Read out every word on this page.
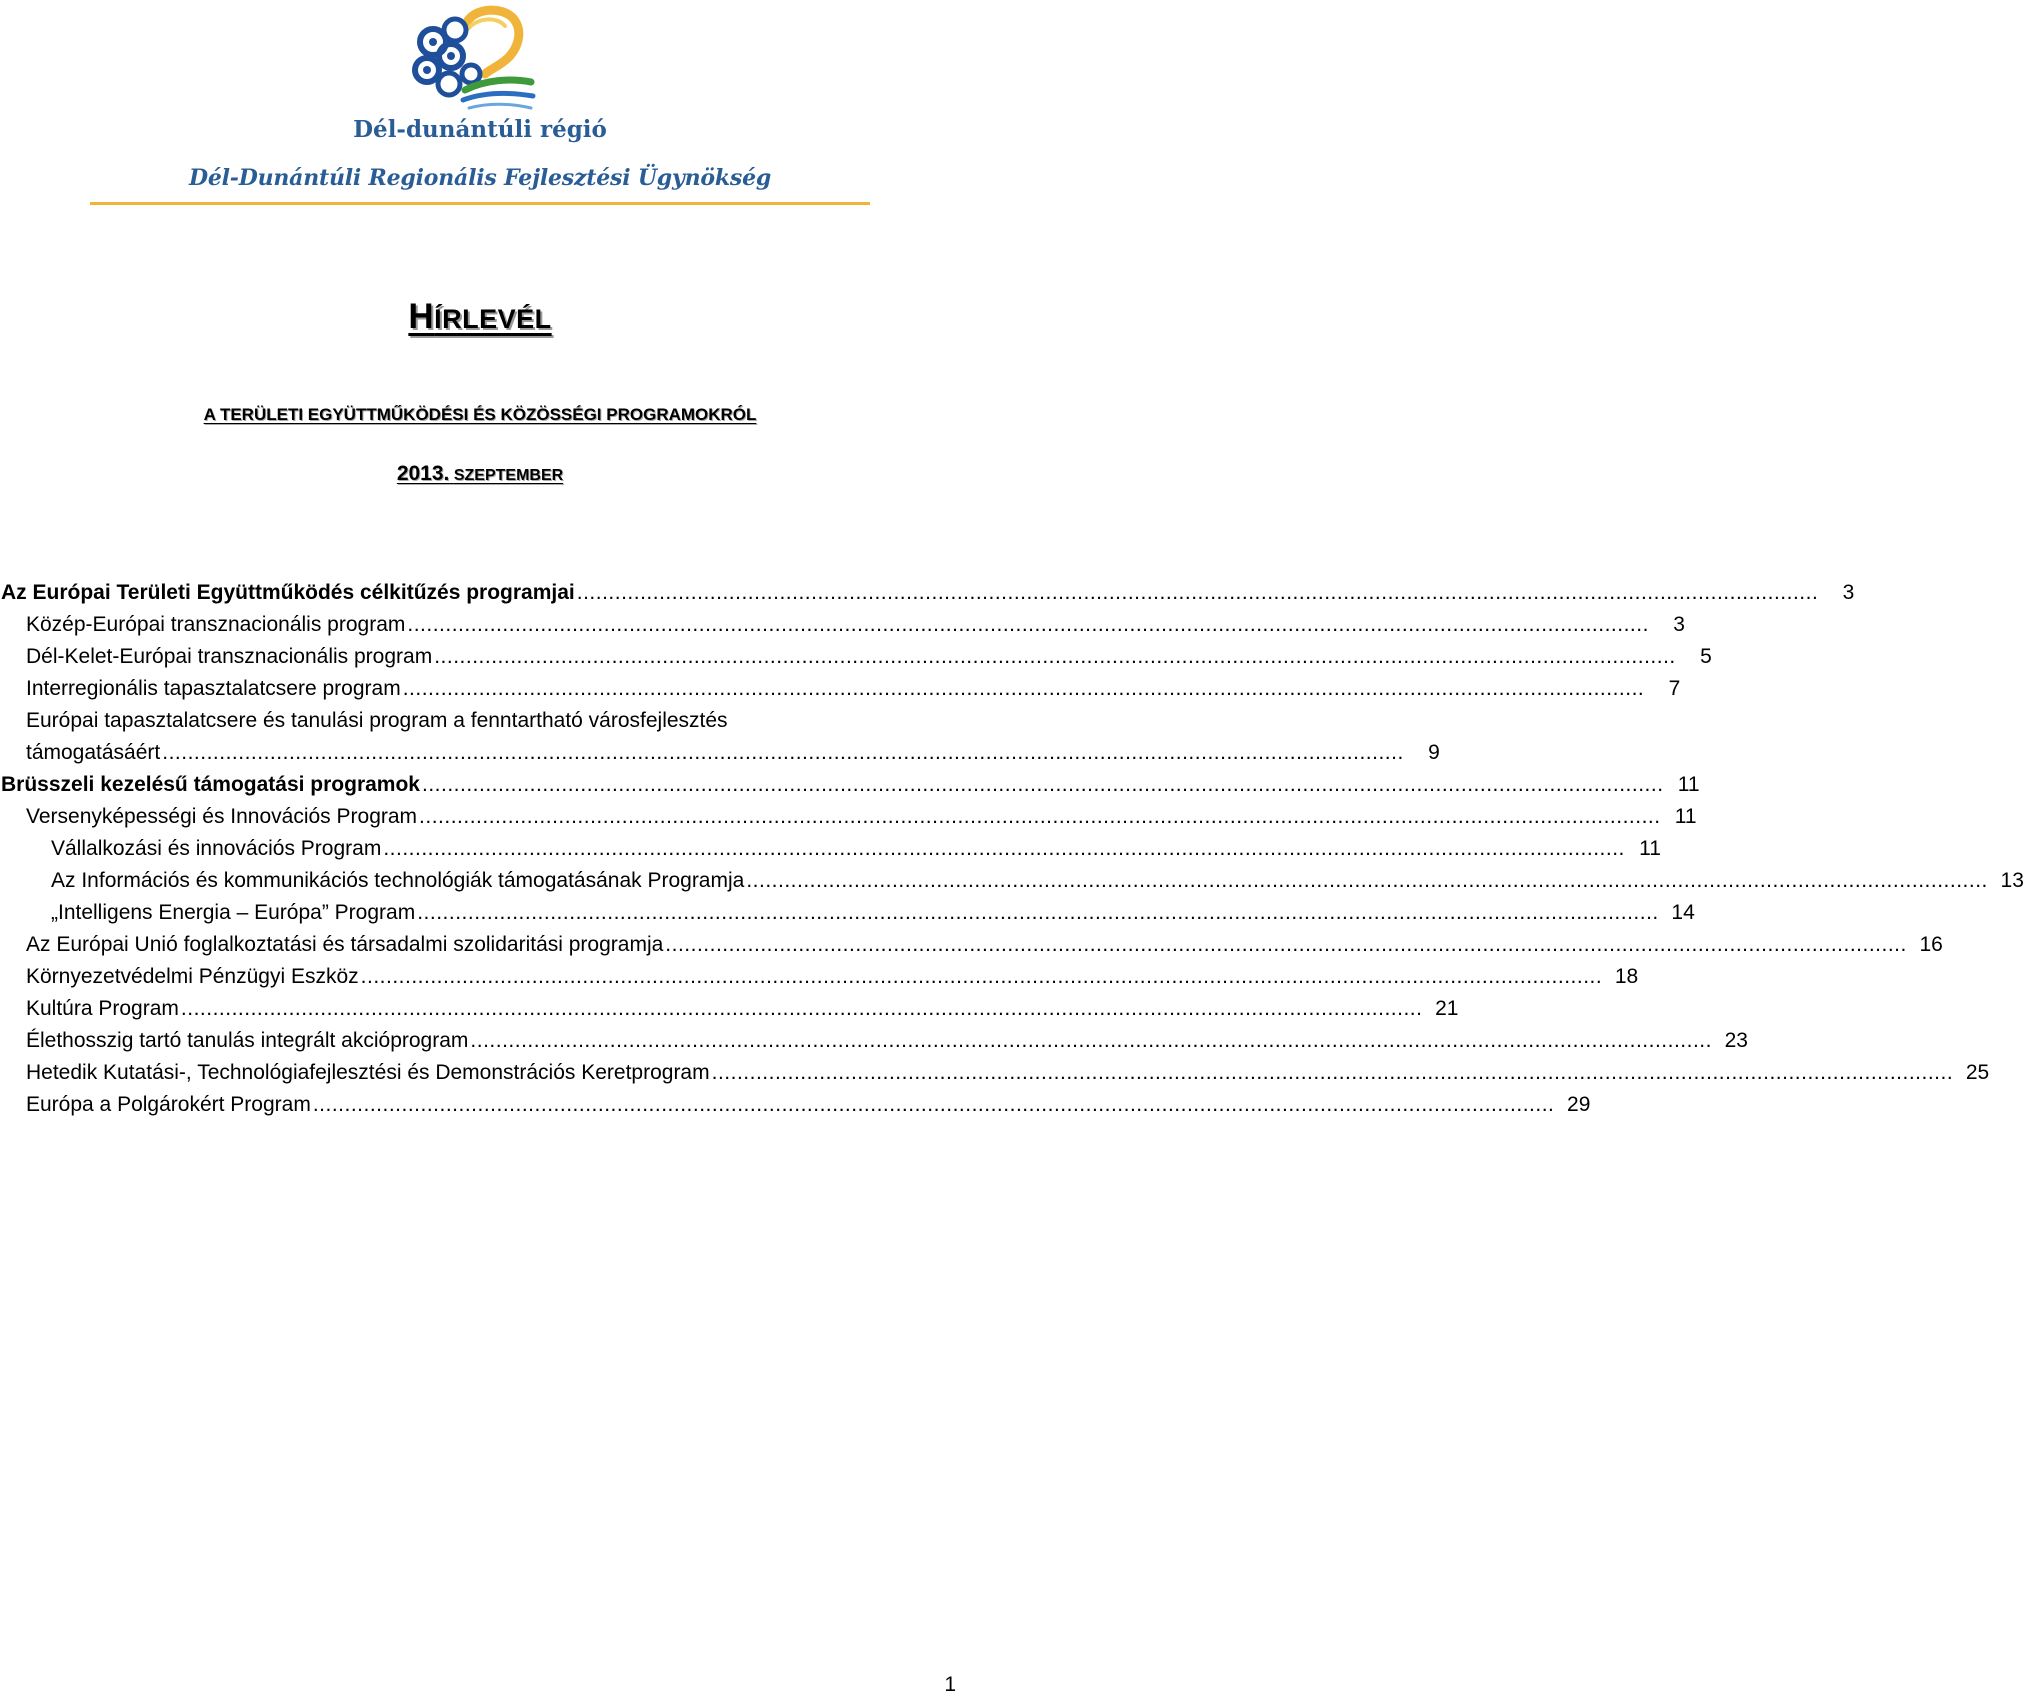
Dél-dunántúli régió
Dél-Dunántúli Regionális Fejlesztési Ügynökség
HÍRLEVÉL
A TERÜLETI EGYÜTTMŰKÖDÉSI ÉS KÖZÖSSÉGI PROGRAMOKRÓL
2013. SZEPTEMBER
Az Európai Területi Együttműködés célkitűzés programjai ....................................................................................................................................................................................................	3
Közép-Európai transznacionális program ....................................................................................................................................................................................................	3
Dél-Kelet-Európai transznacionális program ....................................................................................................................................................................................................	5
Interregionális tapasztalatcsere program ....................................................................................................................................................................................................	7
Európai tapasztalatcsere és tanulási program a fenntartható városfejlesztés
támogatásáért ....................................................................................................................................................................................................	9
Brüsszeli kezelésű támogatási programok .................................................................................................................................................................................................... 11
Versenyképességi és Innovációs Program .................................................................................................................................................................................................... 11
Vállalkozási és innovációs Program .................................................................................................................................................................................................... 11
Az Információs és kommunikációs technológiák támogatásának Programja .................................................................................................................................................................................................... 13
„Intelligens Energia – Európa” Program .................................................................................................................................................................................................... 14
Az Európai Unió foglalkoztatási és társadalmi szolidaritási programja .................................................................................................................................................................................................... 16
Környezetvédelmi Pénzügyi Eszköz .................................................................................................................................................................................................... 18
Kultúra Program .................................................................................................................................................................................................... 21
Élethosszig tartó tanulás integrált akcióprogram .................................................................................................................................................................................................... 23
Hetedik Kutatási-, Technológiafejlesztési és Demonstrációs Keretprogram .................................................................................................................................................................................................... 25
Európa a Polgárokért Program .................................................................................................................................................................................................... 29
1
